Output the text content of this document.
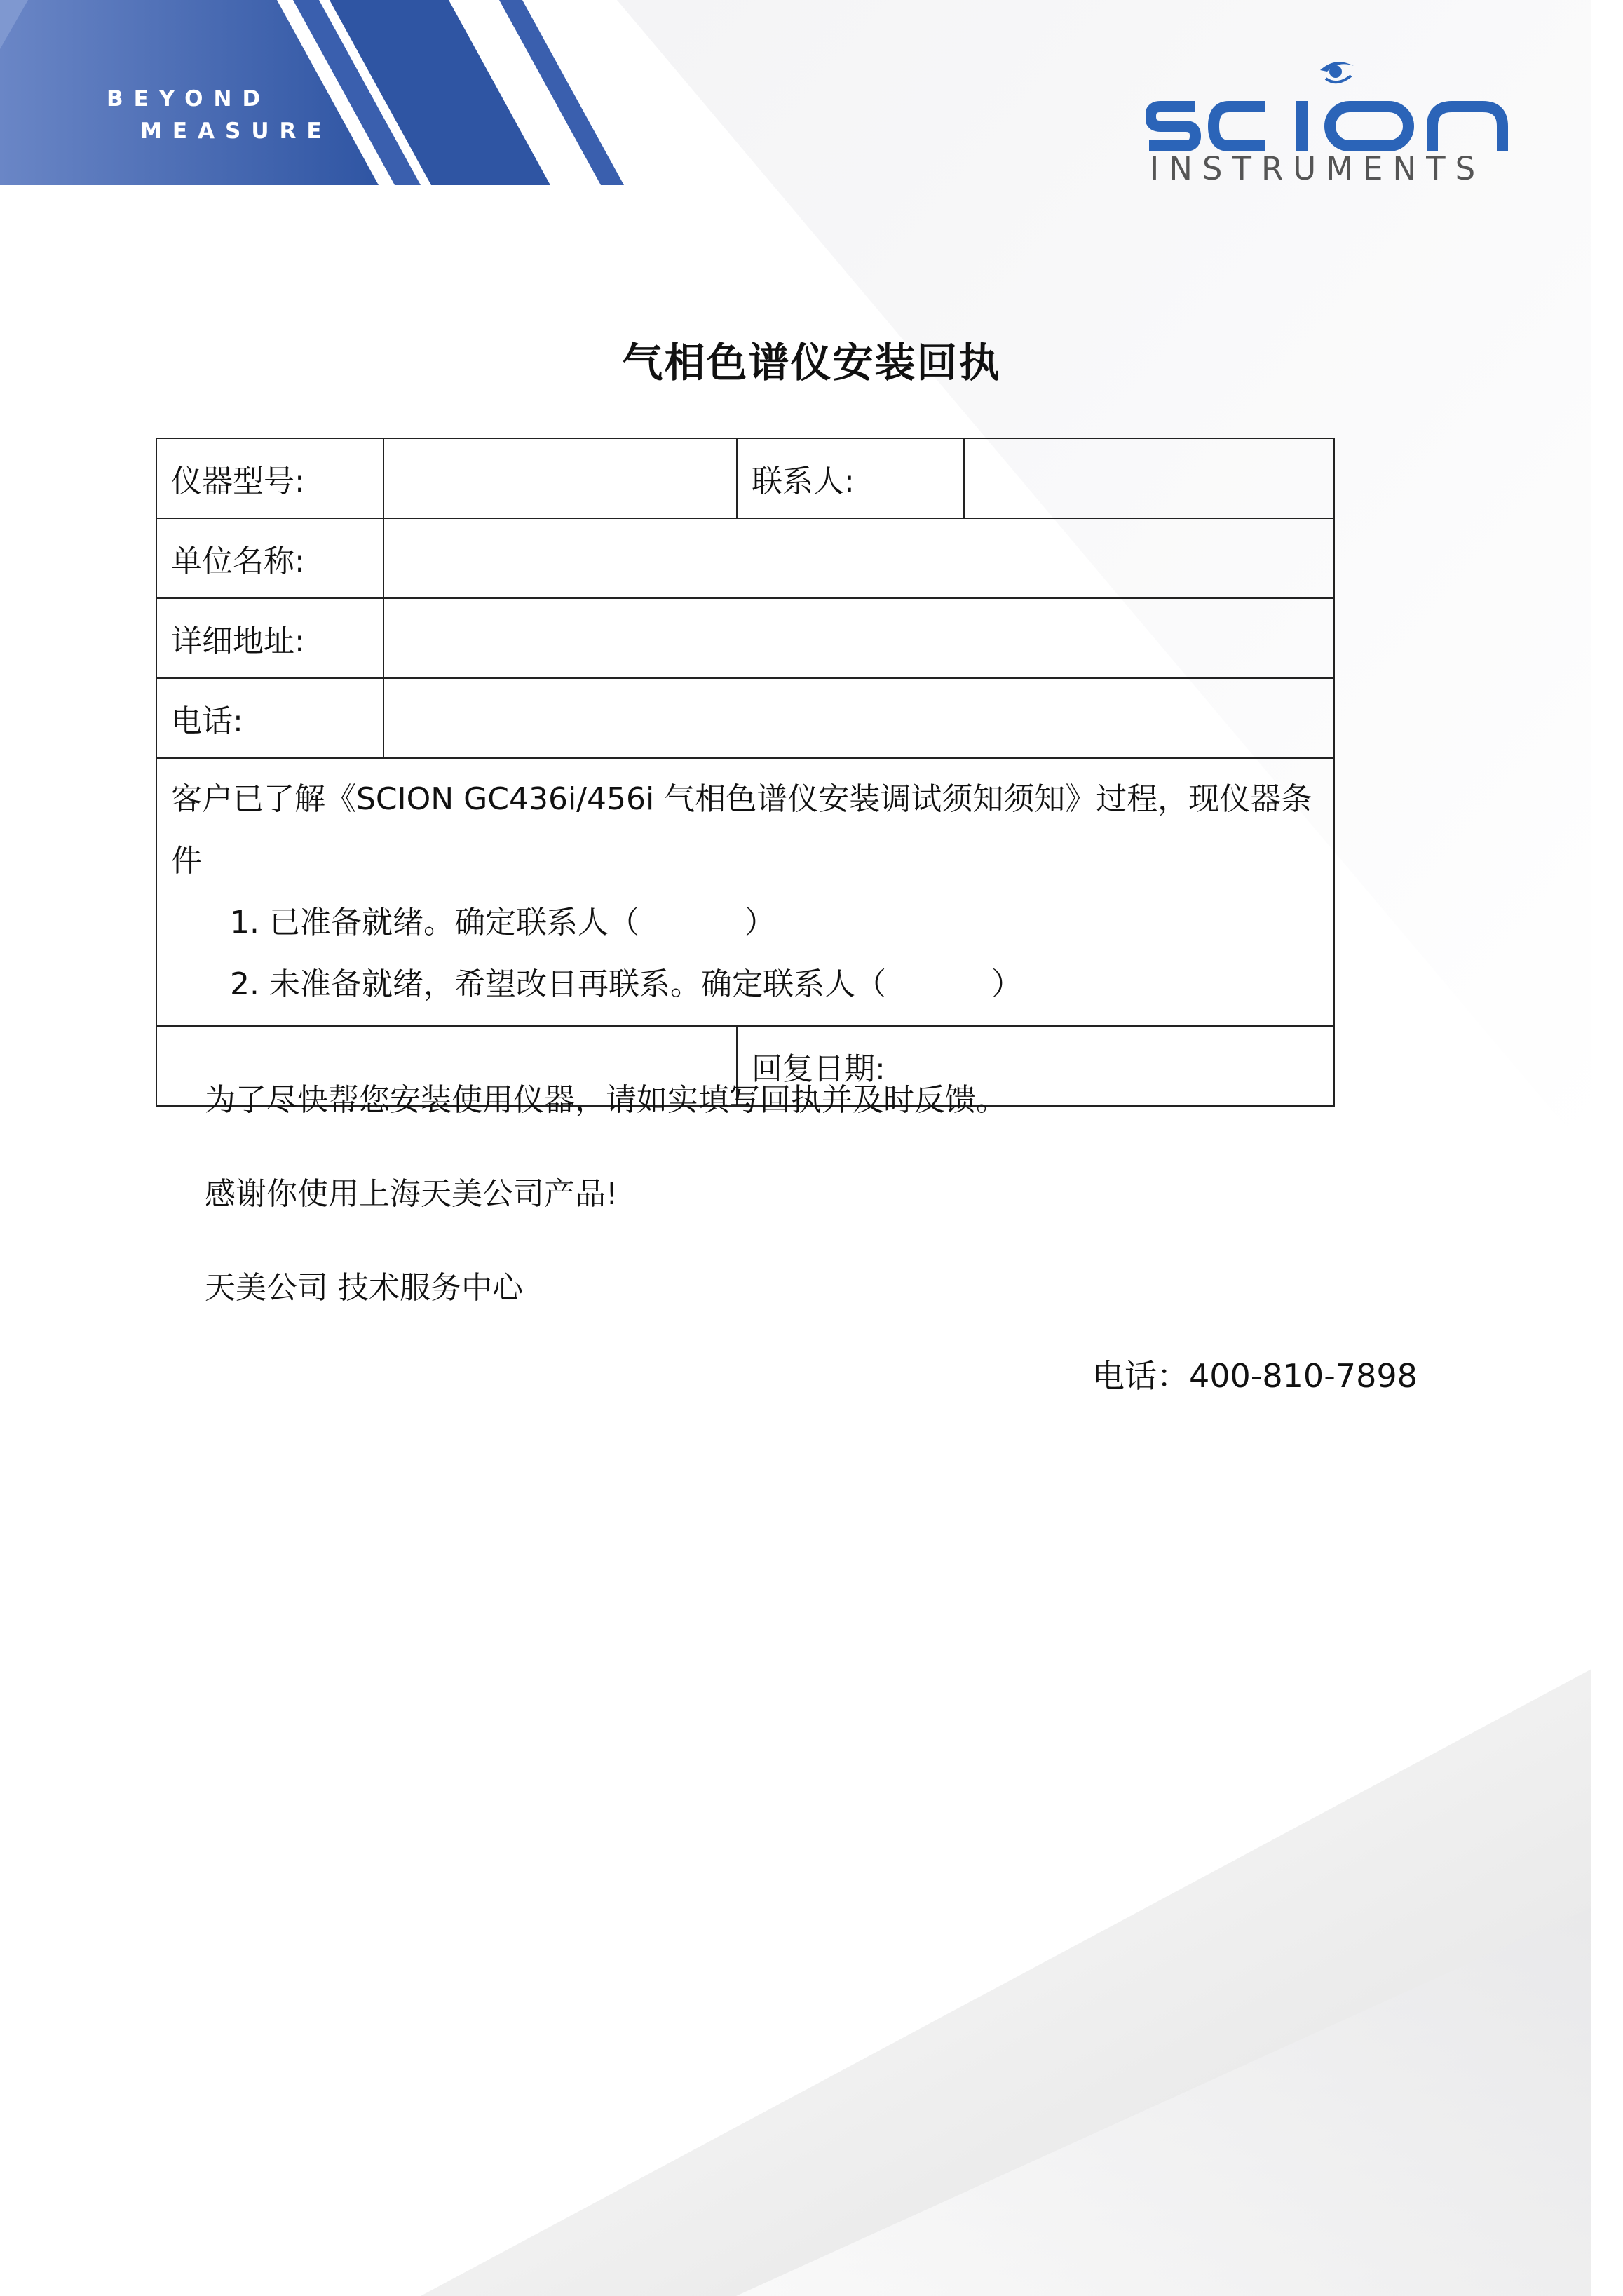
BEYOND
MEASURE
INSTRUMENTS
气相色谱仪安装回执
仪器型号:		联系人:	
单位名称:			
详细地址:			
电话:			

客户已了解《SCION GC436i/456i 气相色谱仪安装调试须知须知》过程，现仪器条件
1. 已准备就绪。确定联系人（ ）
2. 未准备就绪，希望改日再联系。确定联系人（ ）			

		回复日期:	
为了尽快帮您安装使用仪器，请如实填写回执并及时反馈。
感谢你使用上海天美公司产品!
天美公司 技术服务中心
电话：400-810-7898
